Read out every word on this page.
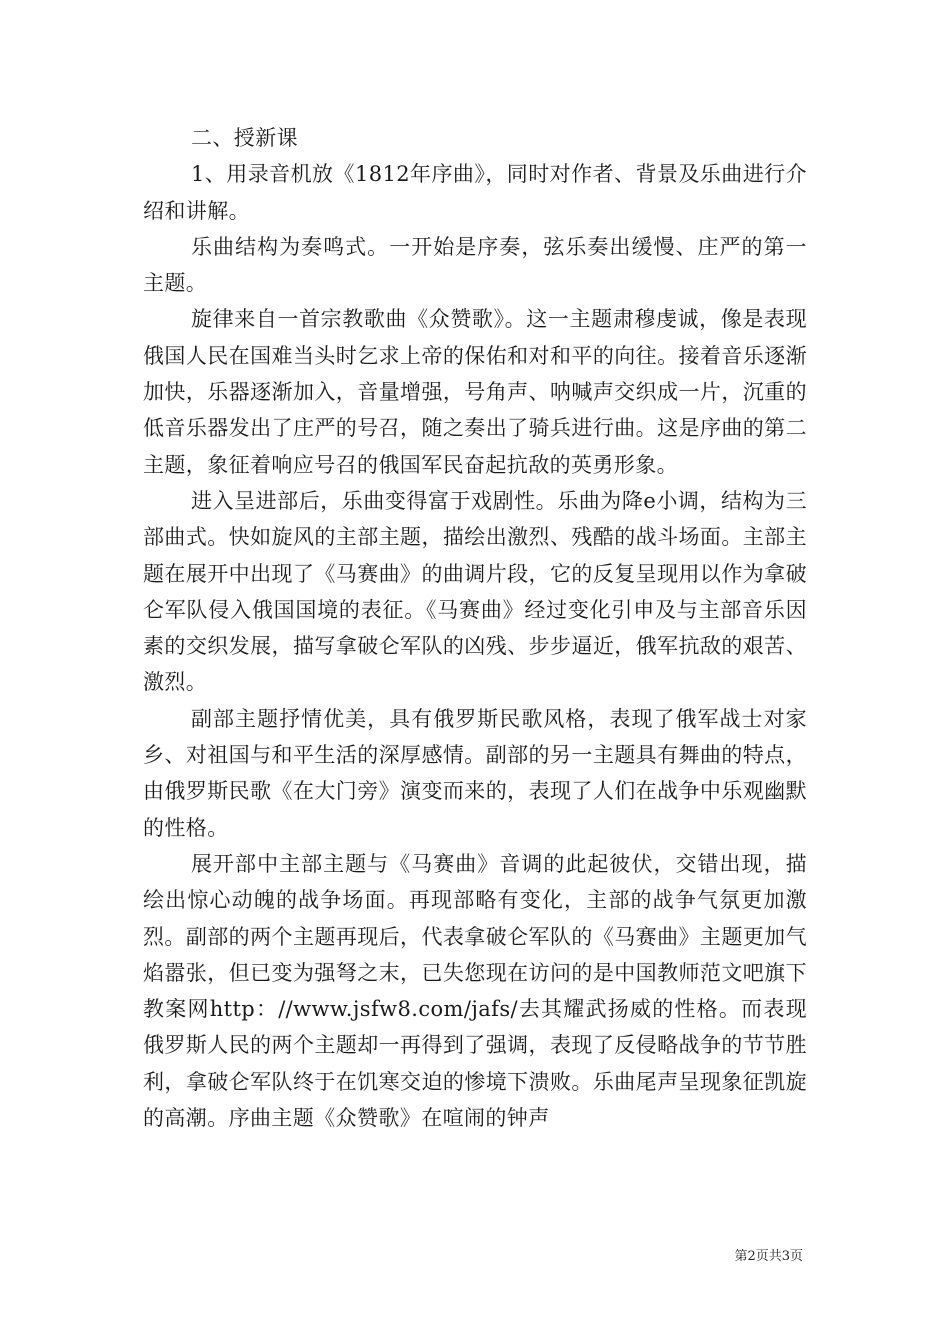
二、授新课

1、用录音机放《1812年序曲》，同时对作者、背景及乐曲进行介绍和讲解。

乐曲结构为奏鸣式。一开始是序奏，弦乐奏出缓慢、庄严的第一主题。

旋律来自一首宗教歌曲《众赞歌》。这一主题肃穆虔诚，像是表现俄国人民在国难当头时乞求上帝的保佑和对和平的向往。接着音乐逐渐加快，乐器逐渐加入，音量增强，号角声、呐喊声交织成一片，沉重的低音乐器发出了庄严的号召，随之奏出了骑兵进行曲。这是序曲的第二主题，象征着响应号召的俄国军民奋起抗敌的英勇形象。

进入呈进部后，乐曲变得富于戏剧性。乐曲为降e小调，结构为三部曲式。快如旋风的主部主题，描绘出激烈、残酷的战斗场面。主部主题在展开中出现了《马赛曲》的曲调片段，它的反复呈现用以作为拿破仑军队侵入俄国国境的表征。《马赛曲》经过变化引申及与主部音乐因素的交织发展，描写拿破仑军队的凶残、步步逼近，俄军抗敌的艰苦、激烈。

副部主题抒情优美，具有俄罗斯民歌风格，表现了俄军战士对家乡、对祖国与和平生活的深厚感情。副部的另一主题具有舞曲的特点，由俄罗斯民歌《在大门旁》演变而来的，表现了人们在战争中乐观幽默的性格。

展开部中主部主题与《马赛曲》音调的此起彼伏，交错出现，描绘出惊心动魄的战争场面。再现部略有变化，主部的战争气氛更加激烈。副部的两个主题再现后，代表拿破仑军队的《马赛曲》主题更加气焰嚣张，但已变为强弩之末，已失您现在访问的是中国教师范文吧旗下教案网http：//www.jsfw8.com/jafs/去其耀武扬威的性格。而表现俄罗斯人民的两个主题却一再得到了强调，表现了反侵略战争的节节胜利，拿破仑军队终于在饥寒交迫的惨境下溃败。乐曲尾声呈现象征凯旋的高潮。序曲主题《众赞歌》在喧闹的钟声

第2页共3页
